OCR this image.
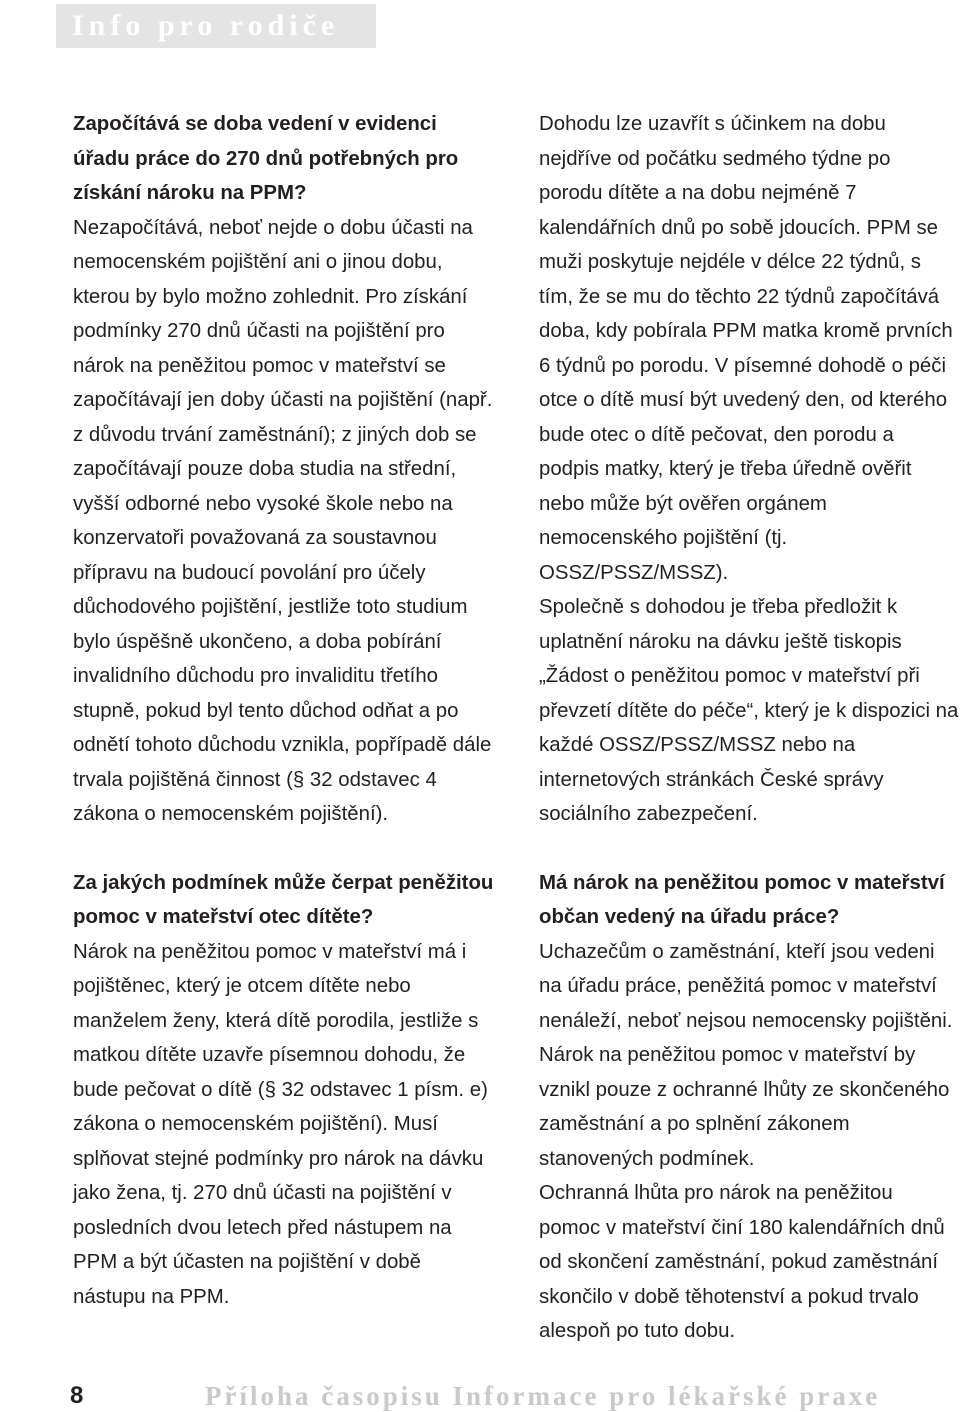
Info pro rodiče

Započítává se doba vedení v evidenci úřadu práce do 270 dnů potřebných pro získání nároku na PPM?

Nezapočítává, neboť nejde o dobu účasti na nemocenském pojištění ani o jinou dobu, kterou by bylo možno zohlednit. Pro získání podmínky 270 dnů účasti na pojištění pro nárok na peněžitou pomoc v mateřství se započítávají jen doby účasti na pojištění (např. z důvodu trvání zaměstnání); z jiných dob se započítávají pouze doba studia na střední, vyšší odborné nebo vysoké škole nebo na konzervatoři považovaná za soustavnou přípravu na budoucí povolání pro účely důchodového pojištění, jestliže toto studium bylo úspěšně ukončeno, a doba pobírání invalidního důchodu pro invaliditu třetího stupně, pokud byl tento důchod odňat a po odnětí tohoto důchodu vznikla, popřípadě dále trvala pojištěná činnost (§ 32 odstavec 4 zákona o nemocenském pojištění).

Za jakých podmínek může čerpat peněžitou pomoc v mateřství otec dítěte?

Nárok na peněžitou pomoc v mateřství má i pojištěnec, který je otcem dítěte nebo manželem ženy, která dítě porodila, jestliže s matkou dítěte uzavře písemnou dohodu, že bude pečovat o dítě (§ 32 odstavec 1 písm. e) zákona o nemocenském pojištění). Musí splňovat stejné podmínky pro nárok na dávku jako žena, tj. 270 dnů účasti na pojištění v posledních dvou letech před nástupem na PPM a být účasten na pojištění v době nástupu na PPM.

Dohodu lze uzavřít s účinkem na dobu nejdříve od počátku sedmého týdne po porodu dítěte a na dobu nejméně 7 kalendářních dnů po sobě jdoucích. PPM se muži poskytuje nejdéle v délce 22 týdnů, s tím, že se mu do těchto 22 týdnů započítává doba, kdy pobírala PPM matka kromě prvních 6 týdnů po porodu. V písemné dohodě o péči otce o dítě musí být uvedený den, od kterého bude otec o dítě pečovat, den porodu a podpis matky, který je třeba úředně ověřit nebo může být ověřen orgánem nemocenského pojištění (tj. OSSZ/PSSZ/MSSZ).

Společně s dohodou je třeba předložit k uplatnění nároku na dávku ještě tiskopis „Žádost o peněžitou pomoc v mateřství při převzetí dítěte do péče“, který je k dispozici na každé OSSZ/PSSZ/MSSZ nebo na internetových stránkách České správy sociálního zabezpečení.

Má nárok na peněžitou pomoc v mateřství občan vedený na úřadu práce?

Uchazečům o zaměstnání, kteří jsou vedeni na úřadu práce, peněžitá pomoc v mateřství nenáleží, neboť nejsou nemocensky pojištěni. Nárok na peněžitou pomoc v mateřství by vznikl pouze z ochranné lhůty ze skončeného zaměstnání a po splnění zákonem stanovených podmínek.

Ochranná lhůta pro nárok na peněžitou pomoc v mateřství činí 180 kalendářních dnů od skončení zaměstnání, pokud zaměstnání skončilo v době těhotenství a pokud trvalo alespoň po tuto dobu.

8	Příloha časopisu Informace pro lékařské praxe
